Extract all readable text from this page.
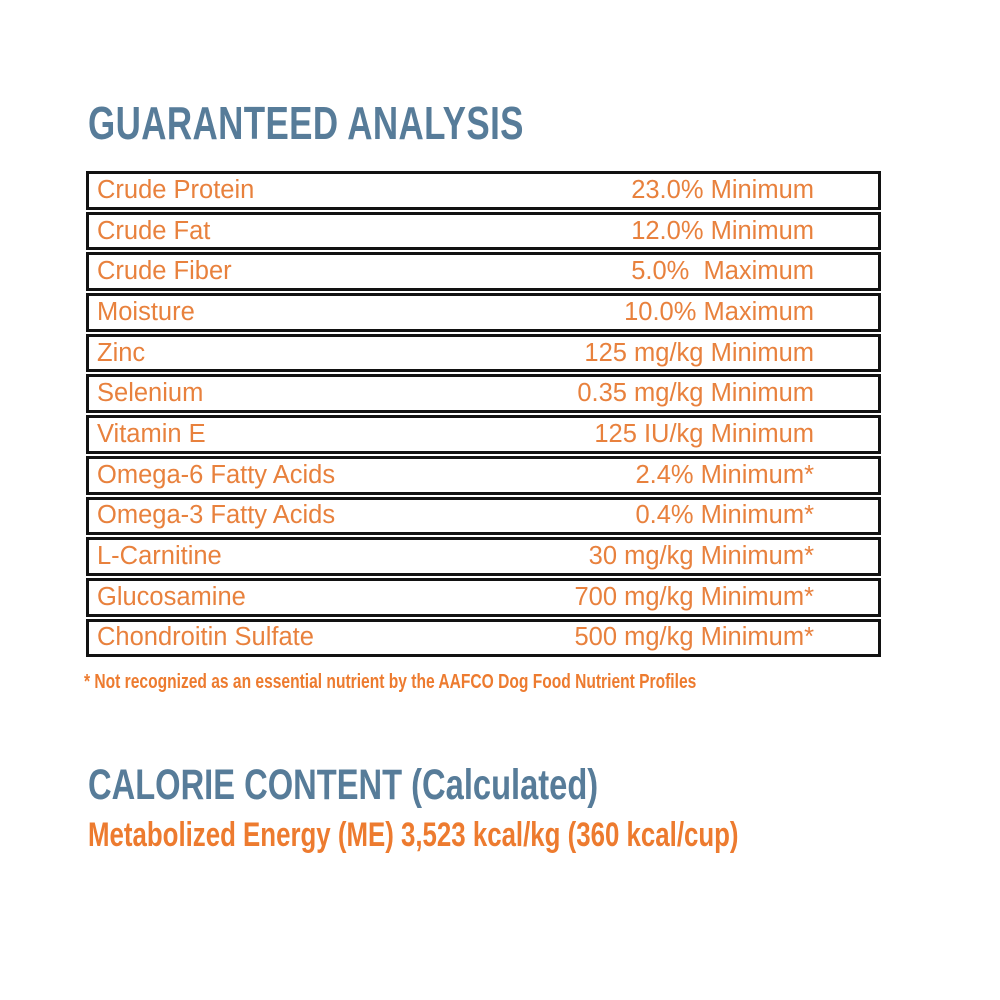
GUARANTEED ANALYSIS
Crude Protein	23.0% Minimum
Crude Fat	12.0% Minimum
Crude Fiber	5.0%  Maximum
Moisture	10.0% Maximum
Zinc	125 mg/kg Minimum
Selenium	0.35 mg/kg Minimum
Vitamin E	125 IU/kg Minimum
Omega-6 Fatty Acids	2.4% Minimum*
Omega-3 Fatty Acids	0.4% Minimum*
L-Carnitine	30 mg/kg Minimum*
Glucosamine	700 mg/kg Minimum*
Chondroitin Sulfate	500 mg/kg Minimum*
* Not recognized as an essential nutrient by the AAFCO Dog Food Nutrient Profiles
CALORIE CONTENT (Calculated)
Metabolized Energy (ME) 3,523 kcal/kg (360 kcal/cup)
